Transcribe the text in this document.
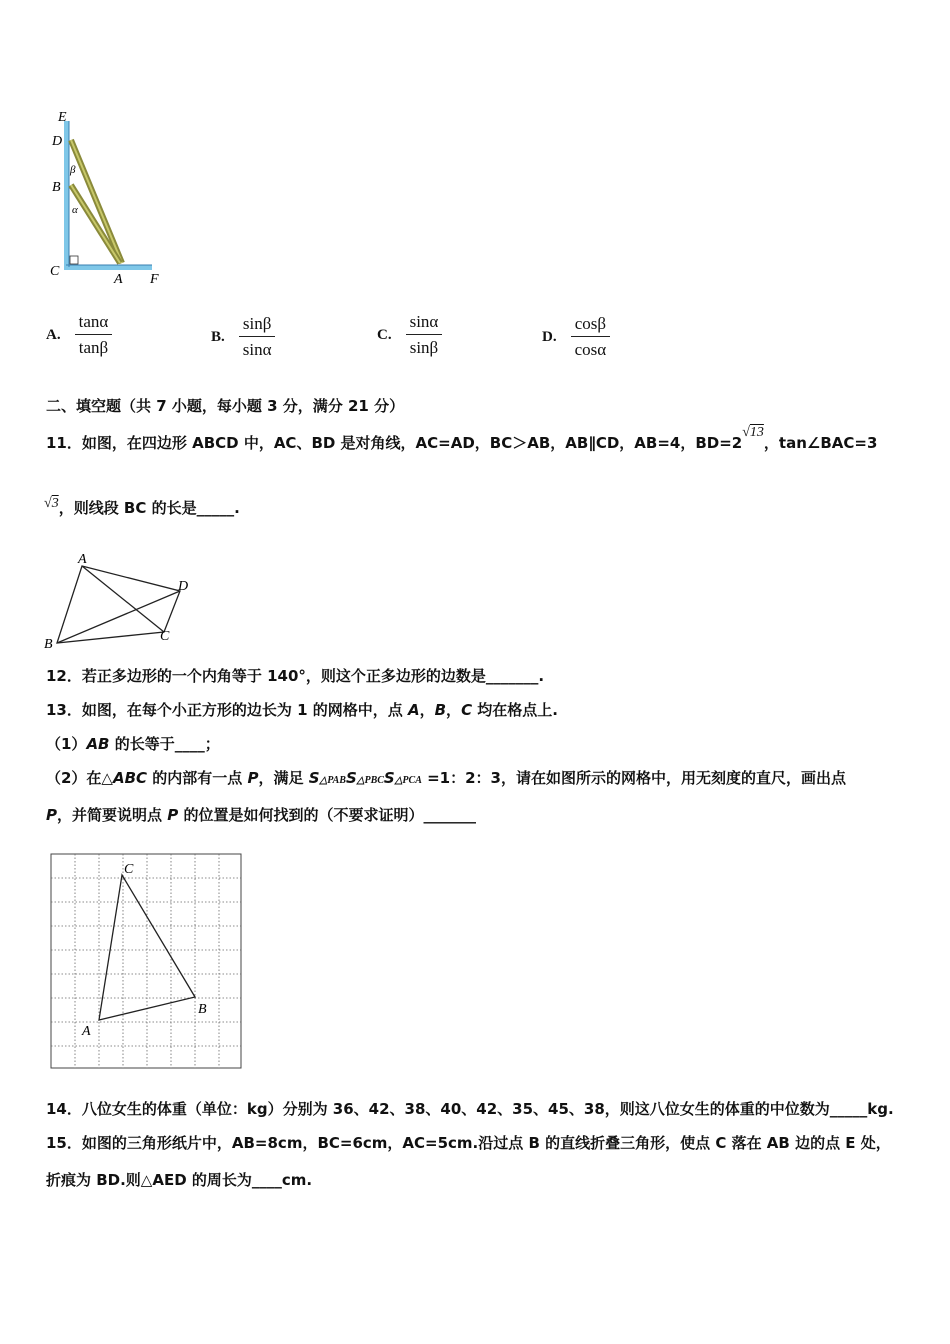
E
D
B
C
A F
β
α
A. $\frac{\tan\alpha}{\tan\beta}$	B. $\frac{\sin\beta}{\sin\alpha}$	C. $\frac{\sin\alpha}{\sin\beta}$	D. $\frac{\cos\beta}{\cos\alpha}$
二、填空题（共 7 小题，每小题 3 分，满分 21 分）
11．如图，在四边形 ABCD 中，AC、BD 是对角线，AC=AD，BC＞AB，AB∥CD，AB=4，BD=2√13，tan∠BAC=3
√3，则线段 BC 的长是_____.
A
D
B
C
12．若正多边形的一个内角等于 140°，则这个正多边形的边数是_______.
13．如图，在每个小正方形的边长为 1 的网格中，点 A，B，C 均在格点上.
（1）AB 的长等于____；
（2）在△ABC 的内部有一点 P，满足 S△PABS△PBCS△PCA =1：2：3，请在如图所示的网格中，用无刻度的直尺，画出点
P，并简要说明点 P 的位置是如何找到的（不要求证明）_______
C
B
A
14．八位女生的体重（单位：kg）分别为 36、42、38、40、42、35、45、38，则这八位女生的体重的中位数为_____kg.
15．如图的三角形纸片中，AB=8cm，BC=6cm，AC=5cm.沿过点 B 的直线折叠三角形，使点 C 落在 AB 边的点 E 处，
折痕为 BD.则△AED 的周长为____cm.
